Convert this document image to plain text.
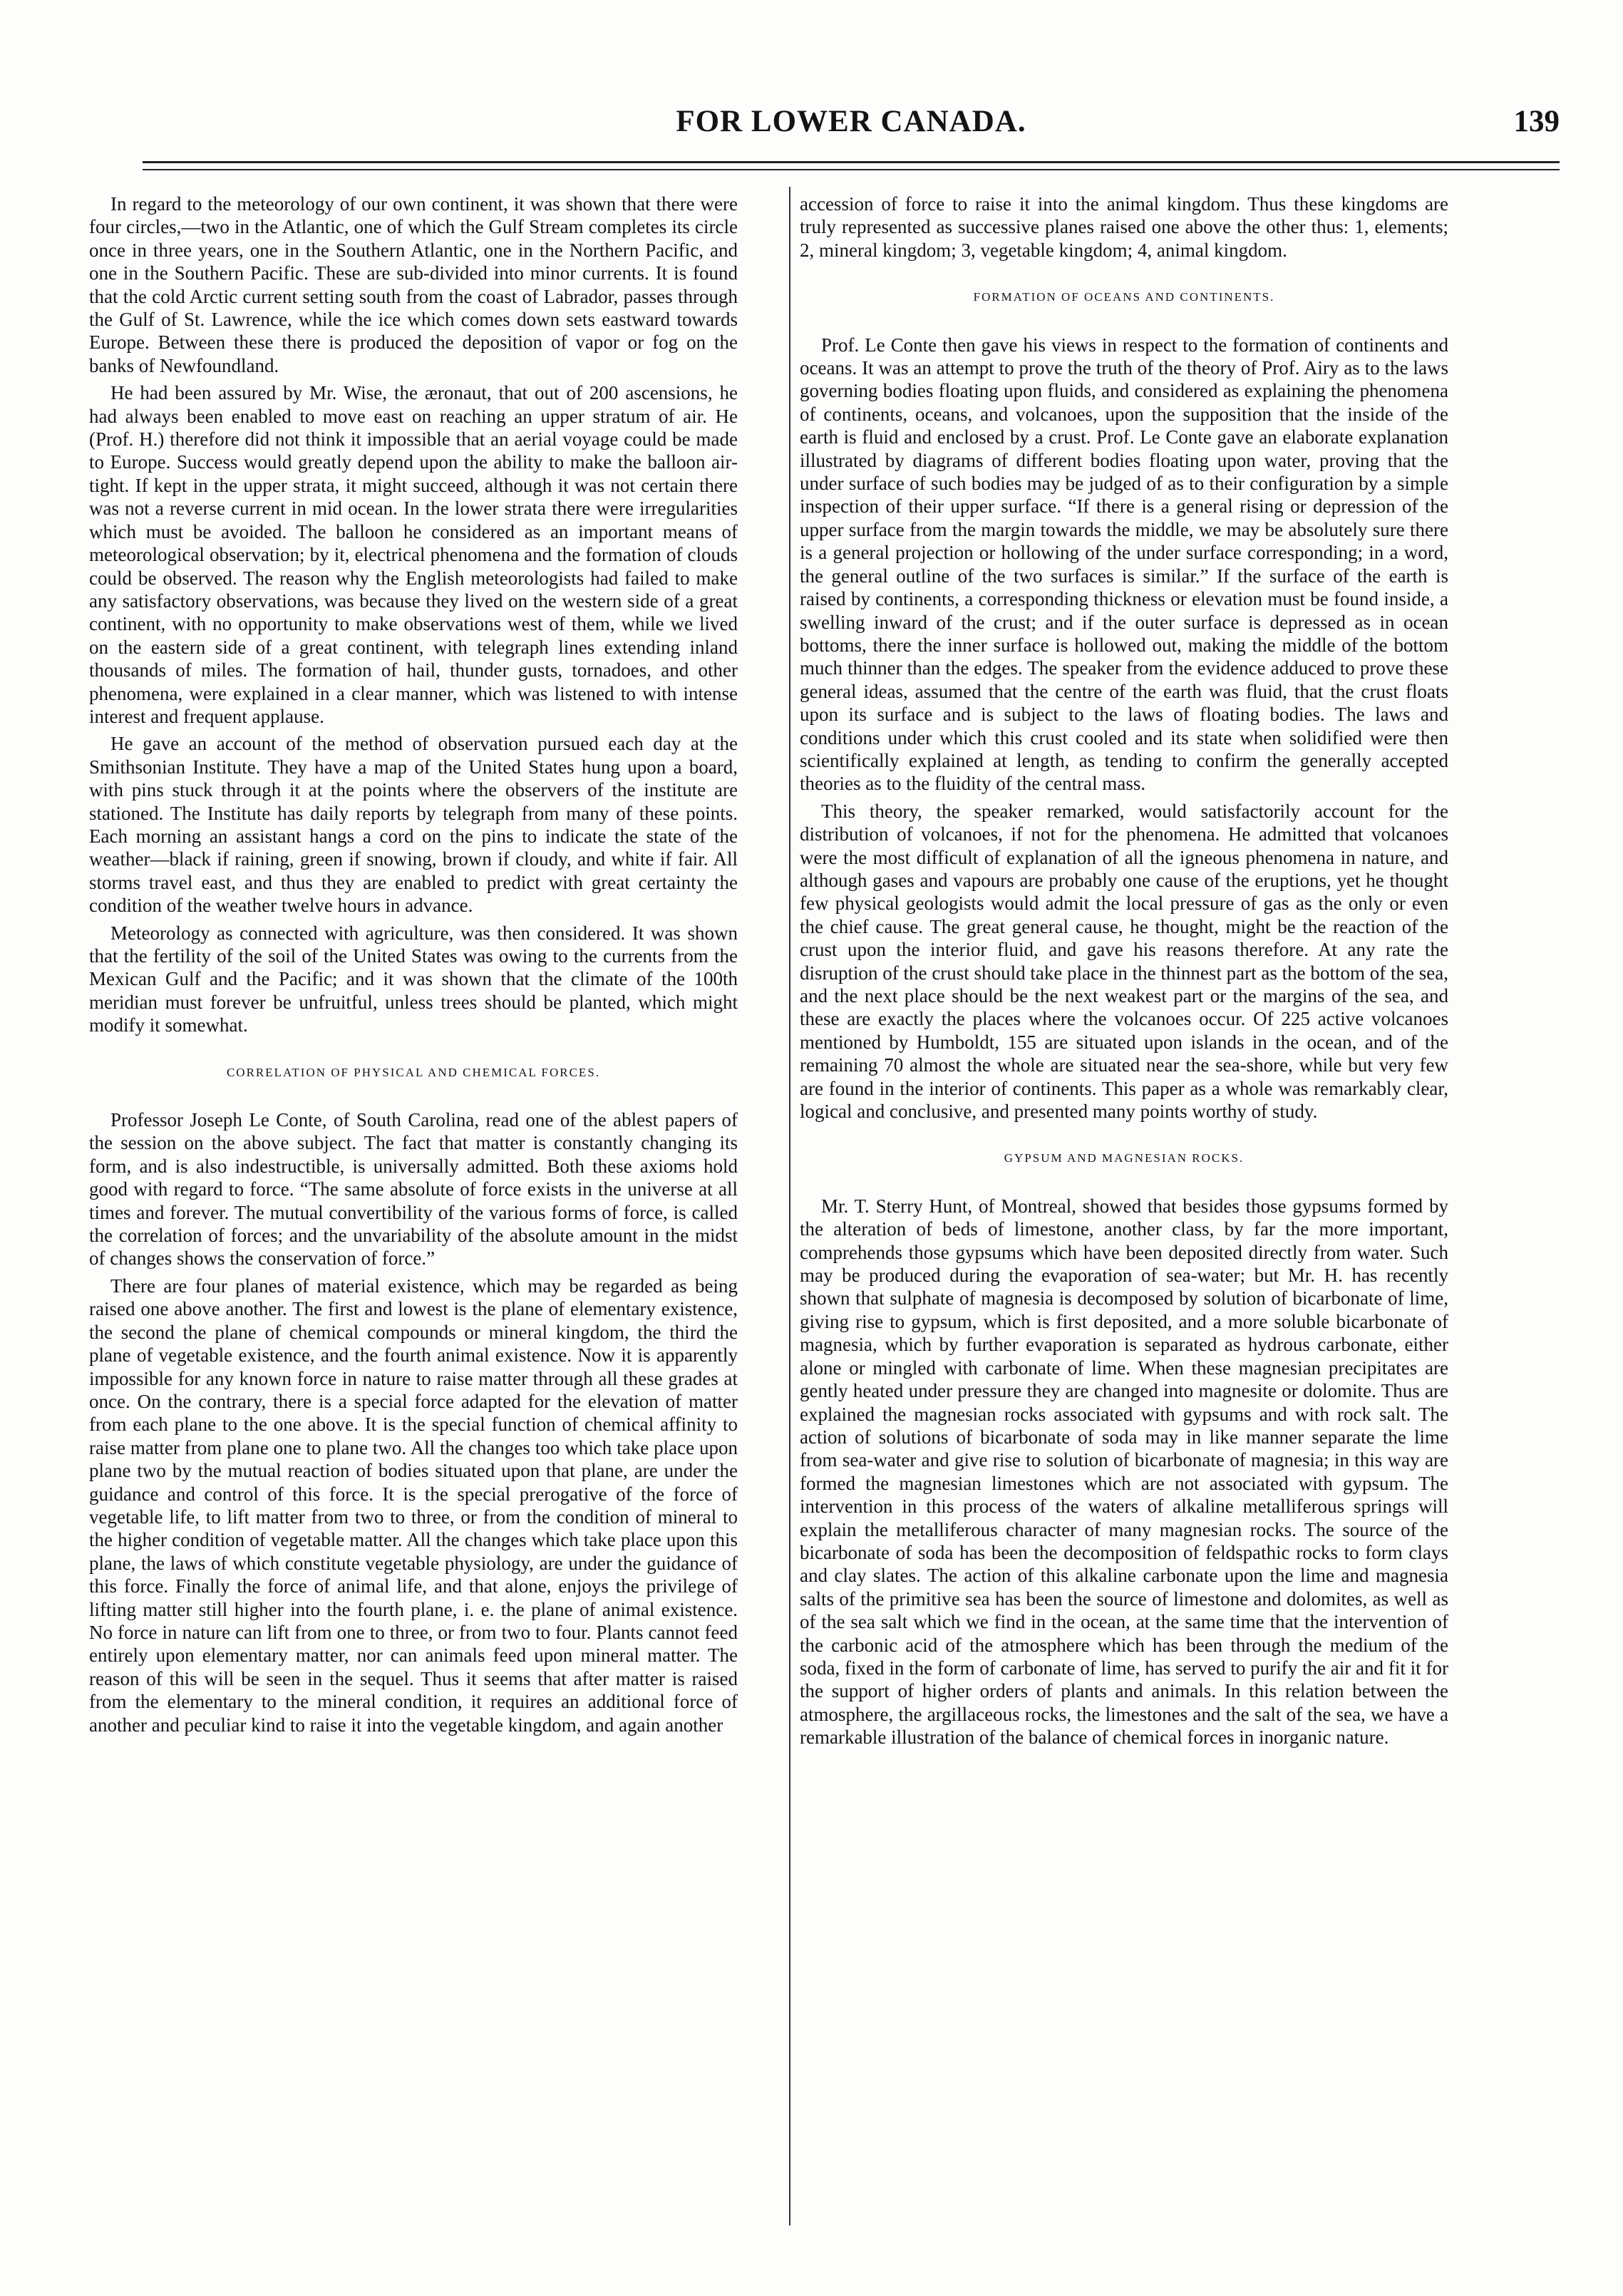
FOR LOWER CANADA.	139

In regard to the meteorology of our own continent, it was shown that there were four circles,—two in the Atlantic, one of which the Gulf Stream completes its circle once in three years, one in the Southern Atlantic, one in the Northern Pacific, and one in the Southern Pacific. These are sub-divided into minor currents. It is found that the cold Arctic current setting south from the coast of Labrador, passes through the Gulf of St. Lawrence, while the ice which comes down sets eastward towards Europe. Between these there is produced the deposition of vapor or fog on the banks of Newfoundland.

He had been assured by Mr. Wise, the æronaut, that out of 200 ascensions, he had always been enabled to move east on reaching an upper stratum of air. He (Prof. H.) therefore did not think it impossible that an aerial voyage could be made to Europe. Success would greatly depend upon the ability to make the balloon air-tight. If kept in the upper strata, it might succeed, although it was not certain there was not a reverse current in mid ocean. In the lower strata there were irregularities which must be avoided. The balloon he considered as an important means of meteorological observation; by it, electrical phenomena and the formation of clouds could be observed. The reason why the English meteorologists had failed to make any satisfactory observations, was because they lived on the western side of a great continent, with no opportunity to make observations west of them, while we lived on the eastern side of a great continent, with telegraph lines extending inland thousands of miles. The formation of hail, thunder gusts, tornadoes, and other phenomena, were explained in a clear manner, which was listened to with intense interest and frequent applause.

He gave an account of the method of observation pursued each day at the Smithsonian Institute. They have a map of the United States hung upon a board, with pins stuck through it at the points where the observers of the institute are stationed. The Institute has daily reports by telegraph from many of these points. Each morning an assistant hangs a cord on the pins to indicate the state of the weather—black if raining, green if snowing, brown if cloudy, and white if fair. All storms travel east, and thus they are enabled to predict with great certainty the condition of the weather twelve hours in advance.

Meteorology as connected with agriculture, was then considered. It was shown that the fertility of the soil of the United States was owing to the currents from the Mexican Gulf and the Pacific; and it was shown that the climate of the 100th meridian must forever be unfruitful, unless trees should be planted, which might modify it somewhat.

CORRELATION OF PHYSICAL AND CHEMICAL FORCES.

Professor Joseph Le Conte, of South Carolina, read one of the ablest papers of the session on the above subject. The fact that matter is constantly changing its form, and is also indestructible, is universally admitted. Both these axioms hold good with regard to force. “The same absolute of force exists in the universe at all times and forever. The mutual convertibility of the various forms of force, is called the correlation of forces; and the unvariability of the absolute amount in the midst of changes shows the conservation of force.”

There are four planes of material existence, which may be regarded as being raised one above another. The first and lowest is the plane of elementary existence, the second the plane of chemical compounds or mineral kingdom, the third the plane of vegetable existence, and the fourth animal existence. Now it is apparently impossible for any known force in nature to raise matter through all these grades at once. On the contrary, there is a special force adapted for the elevation of matter from each plane to the one above. It is the special function of chemical affinity to raise matter from plane one to plane two. All the changes too which take place upon plane two by the mutual reaction of bodies situated upon that plane, are under the guidance and control of this force. It is the special prerogative of the force of vegetable life, to lift matter from two to three, or from the condition of mineral to the higher condition of vegetable matter. All the changes which take place upon this plane, the laws of which constitute vegetable physiology, are under the guidance of this force. Finally the force of animal life, and that alone, enjoys the privilege of lifting matter still higher into the fourth plane, i. e. the plane of animal existence. No force in nature can lift from one to three, or from two to four. Plants cannot feed entirely upon elementary matter, nor can animals feed upon mineral matter. The reason of this will be seen in the sequel. Thus it seems that after matter is raised from the elementary to the mineral condition, it requires an additional force of another and peculiar kind to raise it into the vegetable kingdom, and again another

accession of force to raise it into the animal kingdom. Thus these kingdoms are truly represented as successive planes raised one above the other thus: 1, elements; 2, mineral kingdom; 3, vegetable kingdom; 4, animal kingdom.

FORMATION OF OCEANS AND CONTINENTS.

Prof. Le Conte then gave his views in respect to the formation of continents and oceans. It was an attempt to prove the truth of the theory of Prof. Airy as to the laws governing bodies floating upon fluids, and considered as explaining the phenomena of continents, oceans, and volcanoes, upon the supposition that the inside of the earth is fluid and enclosed by a crust. Prof. Le Conte gave an elaborate explanation illustrated by diagrams of different bodies floating upon water, proving that the under surface of such bodies may be judged of as to their configuration by a simple inspection of their upper surface. “If there is a general rising or depression of the upper surface from the margin towards the middle, we may be absolutely sure there is a general projection or hollowing of the under surface corresponding; in a word, the general outline of the two surfaces is similar.” If the surface of the earth is raised by continents, a corresponding thickness or elevation must be found inside, a swelling inward of the crust; and if the outer surface is depressed as in ocean bottoms, there the inner surface is hollowed out, making the middle of the bottom much thinner than the edges. The speaker from the evidence adduced to prove these general ideas, assumed that the centre of the earth was fluid, that the crust floats upon its surface and is subject to the laws of floating bodies. The laws and conditions under which this crust cooled and its state when solidified were then scientifically explained at length, as tending to confirm the generally accepted theories as to the fluidity of the central mass.

This theory, the speaker remarked, would satisfactorily account for the distribution of volcanoes, if not for the phenomena. He admitted that volcanoes were the most difficult of explanation of all the igneous phenomena in nature, and although gases and vapours are probably one cause of the eruptions, yet he thought few physical geologists would admit the local pressure of gas as the only or even the chief cause. The great general cause, he thought, might be the reaction of the crust upon the interior fluid, and gave his reasons therefore. At any rate the disruption of the crust should take place in the thinnest part as the bottom of the sea, and the next place should be the next weakest part or the margins of the sea, and these are exactly the places where the volcanoes occur. Of 225 active volcanoes mentioned by Humboldt, 155 are situated upon islands in the ocean, and of the remaining 70 almost the whole are situated near the sea-shore, while but very few are found in the interior of continents. This paper as a whole was remarkably clear, logical and conclusive, and presented many points worthy of study.

GYPSUM AND MAGNESIAN ROCKS.

Mr. T. Sterry Hunt, of Montreal, showed that besides those gypsums formed by the alteration of beds of limestone, another class, by far the more important, comprehends those gypsums which have been deposited directly from water. Such may be produced during the evaporation of sea-water; but Mr. H. has recently shown that sulphate of magnesia is decomposed by solution of bicarbonate of lime, giving rise to gypsum, which is first deposited, and a more soluble bicarbonate of magnesia, which by further evaporation is separated as hydrous carbonate, either alone or mingled with carbonate of lime. When these magnesian precipitates are gently heated under pressure they are changed into magnesite or dolomite. Thus are explained the magnesian rocks associated with gypsums and with rock salt. The action of solutions of bicarbonate of soda may in like manner separate the lime from sea-water and give rise to solution of bicarbonate of magnesia; in this way are formed the magnesian limestones which are not associated with gypsum. The intervention in this process of the waters of alkaline metalliferous springs will explain the metalliferous character of many magnesian rocks. The source of the bicarbonate of soda has been the decomposition of feldspathic rocks to form clays and clay slates. The action of this alkaline carbonate upon the lime and magnesia salts of the primitive sea has been the source of limestone and dolomites, as well as of the sea salt which we find in the ocean, at the same time that the intervention of the carbonic acid of the atmosphere which has been through the medium of the soda, fixed in the form of carbonate of lime, has served to purify the air and fit it for the support of higher orders of plants and animals. In this relation between the atmosphere, the argillaceous rocks, the limestones and the salt of the sea, we have a remarkable illustration of the balance of chemical forces in inorganic nature.
